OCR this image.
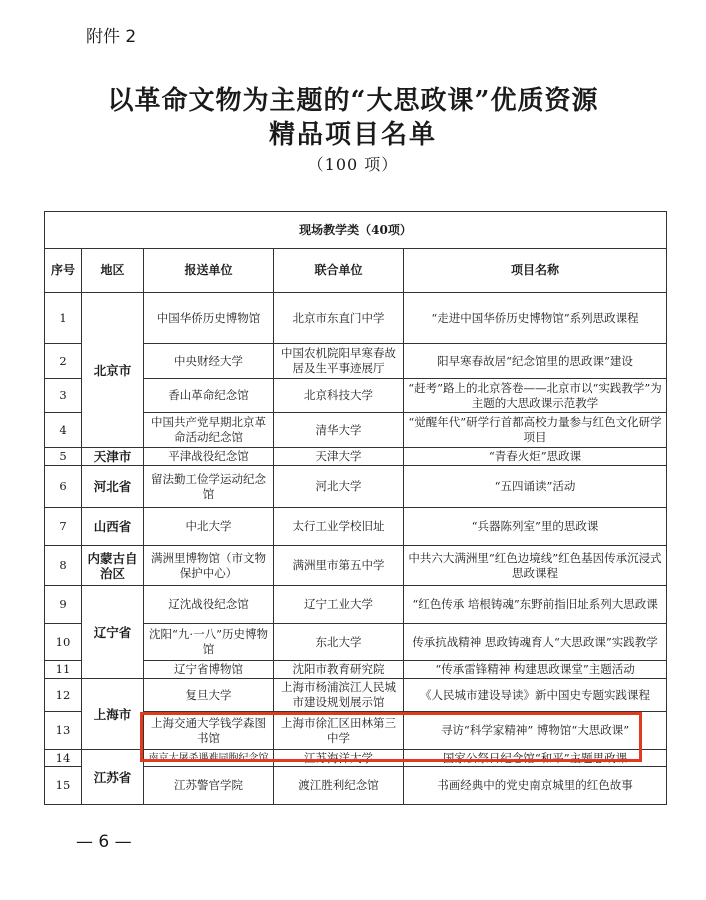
附件 2
以革命文物为主题的“大思政课”优质资源
精品项目名单
（100 项）
现场教学类（40项）				
序号	地区	报送单位	联合单位	项目名称
1	北京市	中国华侨历史博物馆	北京市东直门中学	“走进中国华侨历史博物馆”系列思政课程
2		中央财经大学	中国农机院阳早寒春故居及生平事迹展厅	阳早寒春故居“纪念馆里的思政课”建设
3		香山革命纪念馆	北京科技大学	“赶考”路上的北京答卷——北京市以“实践教学”为主题的大思政课示范教学
4		中国共产党早期北京革命活动纪念馆	清华大学	“觉醒年代”研学行首都高校力量参与红色文化研学项目
5	天津市	平津战役纪念馆	天津大学	“青春火炬”思政课
6	河北省	留法勤工俭学运动纪念馆	河北大学	“五四诵读”活动
7	山西省	中北大学	太行工业学校旧址	“兵器陈列室”里的思政课
8	内蒙古自治区	满洲里博物馆（市文物保护中心）	满洲里市第五中学	中共六大满洲里“红色边境线”红色基因传承沉浸式思政课程
9	辽宁省	辽沈战役纪念馆	辽宁工业大学	“红色传承 培根铸魂”东野前指旧址系列大思政课
10		沈阳“九·一八”历史博物馆	东北大学	传承抗战精神 思政铸魂育人“大思政课”实践教学
11		辽宁省博物馆	沈阳市教育研究院	“传承雷锋精神 构建思政课堂”主题活动
12	上海市	复旦大学	上海市杨浦滨江人民城市建设规划展示馆	《人民城市建设导读》新中国史专题实践课程
13		上海交通大学钱学森图书馆	上海市徐汇区田林第三中学	寻访“科学家精神” 博物馆“大思政课”
14	江苏省	南京大屠杀遇难同胞纪念馆	江苏海洋大学	国家公祭日纪念馆“和平”主题思政课
15		江苏警官学院	渡江胜利纪念馆	书画经典中的党史南京城里的红色故事
— 6 —
